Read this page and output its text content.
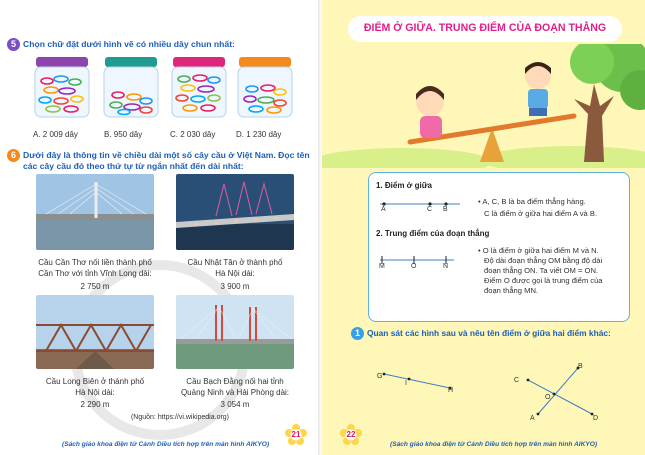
5 Chọn chữ đặt dưới hình vẽ có nhiều dây chun nhất:
A. 2 009 dây	B. 950 dây	C. 2 030 dây	D. 1 230 dây
6 Dưới đây là thông tin về chiều dài một số cây cầu ở Việt Nam. Đọc tên
các cây cầu đó theo thứ tự từ ngắn nhất đến dài nhất:
Cầu Cần Thơ nối liền thành phố
Cần Thơ với tỉnh Vĩnh Long dài:
2 750 m
Cầu Nhật Tân ở thành phố
Hà Nội dài:
3 900 m
Cầu Long Biên ở thành phố
Hà Nội dài:
2 290 m
Cầu Bạch Đằng nối hai tỉnh
Quảng Ninh và Hải Phòng dài:
3 054 m
(Nguồn: https://vi.wikipedia.org)
21
(Sách giáo khoa điện tử Cánh Diều tích hợp trên màn hình AIKYO)
ĐIỂM Ở GIỮA. TRUNG ĐIỂM CỦA ĐOẠN THẲNG
1. Điểm ở giữa
A	C B
• A, C, B là ba điểm thẳng hàng.
C là điểm ở giữa hai điểm A và B.
2. Trung điểm của đoạn thẳng
M	O	N
• O là điểm ở giữa hai điểm M và N.
Độ dài đoạn thẳng OM bằng độ dài
đoạn thẳng ON. Ta viết OM = ON.
Điểm O được gọi là trung điểm của
đoạn thẳng MN.
1 Quan sát các hình sau và nêu tên điểm ở giữa hai điểm khác:
G
I
H
B
C
O
A	D
22
(Sách giáo khoa điện tử Cánh Diều tích hợp trên màn hình AIKYO)
